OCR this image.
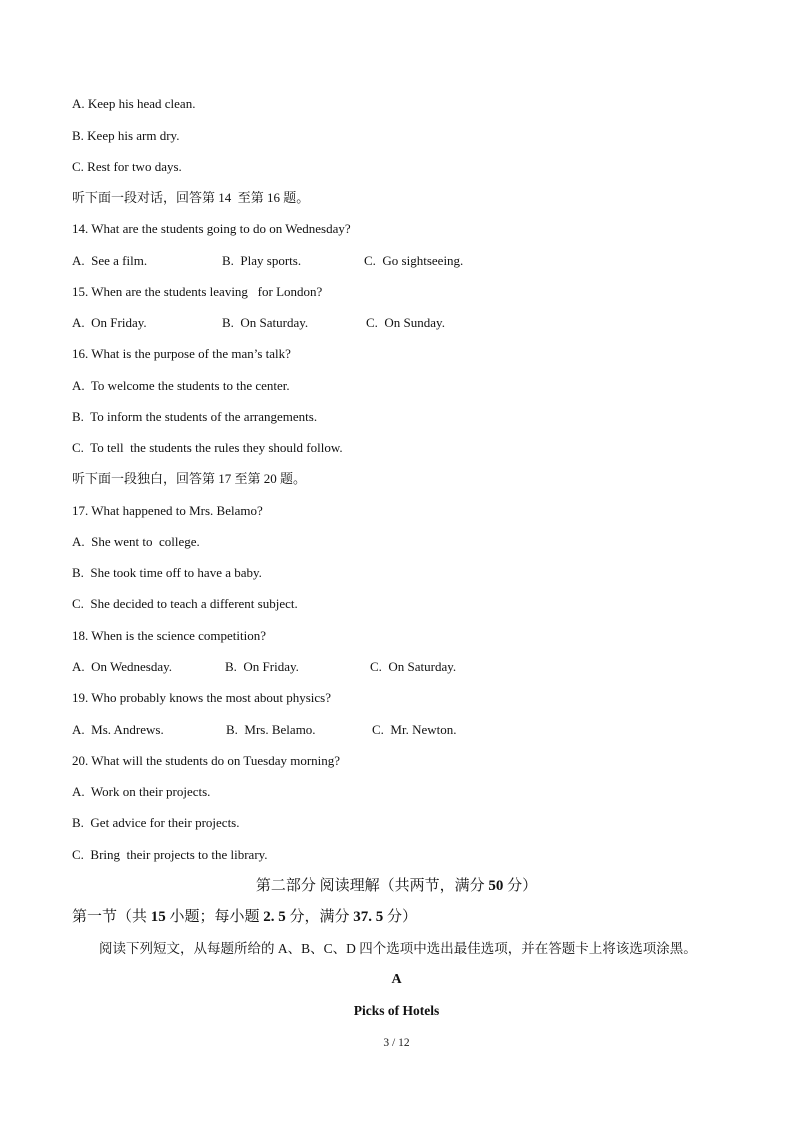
A. Keep his head clean.
B. Keep his arm dry.
C. Rest for two days.
听下面一段对话，回答第 14  至第 16 题。
14. What are the students going to do on Wednesday?
A.  See a film.	B.  Play sports.	C.  Go sightseeing.
15. When are the students leaving   for London?
A.  On Friday.	B.  On Saturday.	C.  On Sunday.
16. What is the purpose of the man’s talk?
A.  To welcome the students to the center.
B.  To inform the students of the arrangements.
C.  To tell  the students the rules they should follow.
听下面一段独白，回答第 17 至第 20 题。
17. What happened to Mrs. Belamo?
A.  She went to  college.
B.  She took time off to have a baby.
C.  She decided to teach a different subject.
18. When is the science competition?
A.  On Wednesday.	B.  On Friday.	C.  On Saturday.
19. Who probably knows the most about physics?
A.  Ms. Andrews.	B.  Mrs. Belamo.	C.  Mr. Newton.
20. What will the students do on Tuesday morning?
A.  Work on their projects.
B.  Get advice for their projects.
C.  Bring  their projects to the library.
第二部分 阅读理解（共两节，满分 50 分）
第一节（共 15 小题；每小题 2. 5 分，满分 37. 5 分）
阅读下列短文，从每题所给的 A、B、C、D 四个选项中选出最佳选项，并在答题卡上将该选项涂黑。
A
Picks of Hotels
3 / 12
